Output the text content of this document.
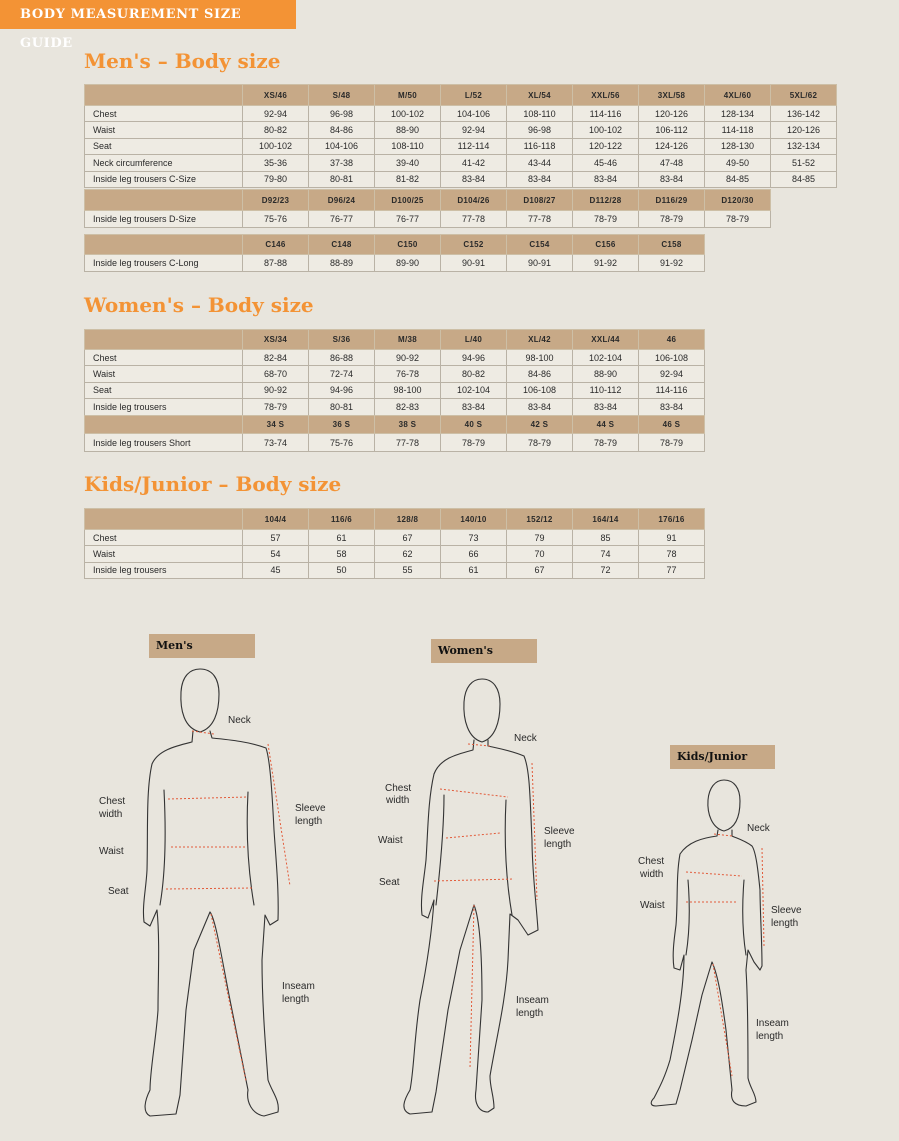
BODY MEASUREMENT SIZE GUIDE
Men's – Body size
	XS/46	S/48	M/50	L/52	XL/54	XXL/56	3XL/58	4XL/60	5XL/62
Chest	92-94	96-98	100-102	104-106	108-110	114-116	120-126	128-134	136-142
Waist	80-82	84-86	88-90	92-94	96-98	100-102	106-112	114-118	120-126
Seat	100-102	104-106	108-110	112-114	116-118	120-122	124-126	128-130	132-134
Neck circumference	35-36	37-38	39-40	41-42	43-44	45-46	47-48	49-50	51-52
Inside leg trousers C-Size	79-80	80-81	81-82	83-84	83-84	83-84	83-84	84-85	84-85
	D92/23	D96/24	D100/25	D104/26	D108/27	D112/28	D116/29	D120/30
Inside leg trousers D-Size	75-76	76-77	76-77	77-78	77-78	78-79	78-79	78-79
	C146	C148	C150	C152	C154	C156	C158
Inside leg trousers C-Long	87-88	88-89	89-90	90-91	90-91	91-92	91-92
Women's – Body size
	XS/34	S/36	M/38	L/40	XL/42	XXL/44	46
Chest	82-84	86-88	90-92	94-96	98-100	102-104	106-108
Waist	68-70	72-74	76-78	80-82	84-86	88-90	92-94
Seat	90-92	94-96	98-100	102-104	106-108	110-112	114-116
Inside leg trousers	78-79	80-81	82-83	83-84	83-84	83-84	83-84
	34 S	36 S	38 S	40 S	42 S	44 S	46 S
Inside leg trousers Short	73-74	75-76	77-78	78-79	78-79	78-79	78-79
Kids/Junior – Body size
	104/4	116/6	128/8	140/10	152/12	164/14	176/16
Chest	57	61	67	73	79	85	91
Waist	54	58	62	66	70	74	78
Inside leg trousers	45	50	55	61	67	72	77
Men's	Women's
Kids/Junior
Neck
Chest
width
Waist
Seat
Sleeve
length
Inseam
length
Neck
Chest
width
Waist
Seat
Sleeve
length
Inseam
length
Neck
Chest
width
Waist	Sleeve
length
Inseam
length
